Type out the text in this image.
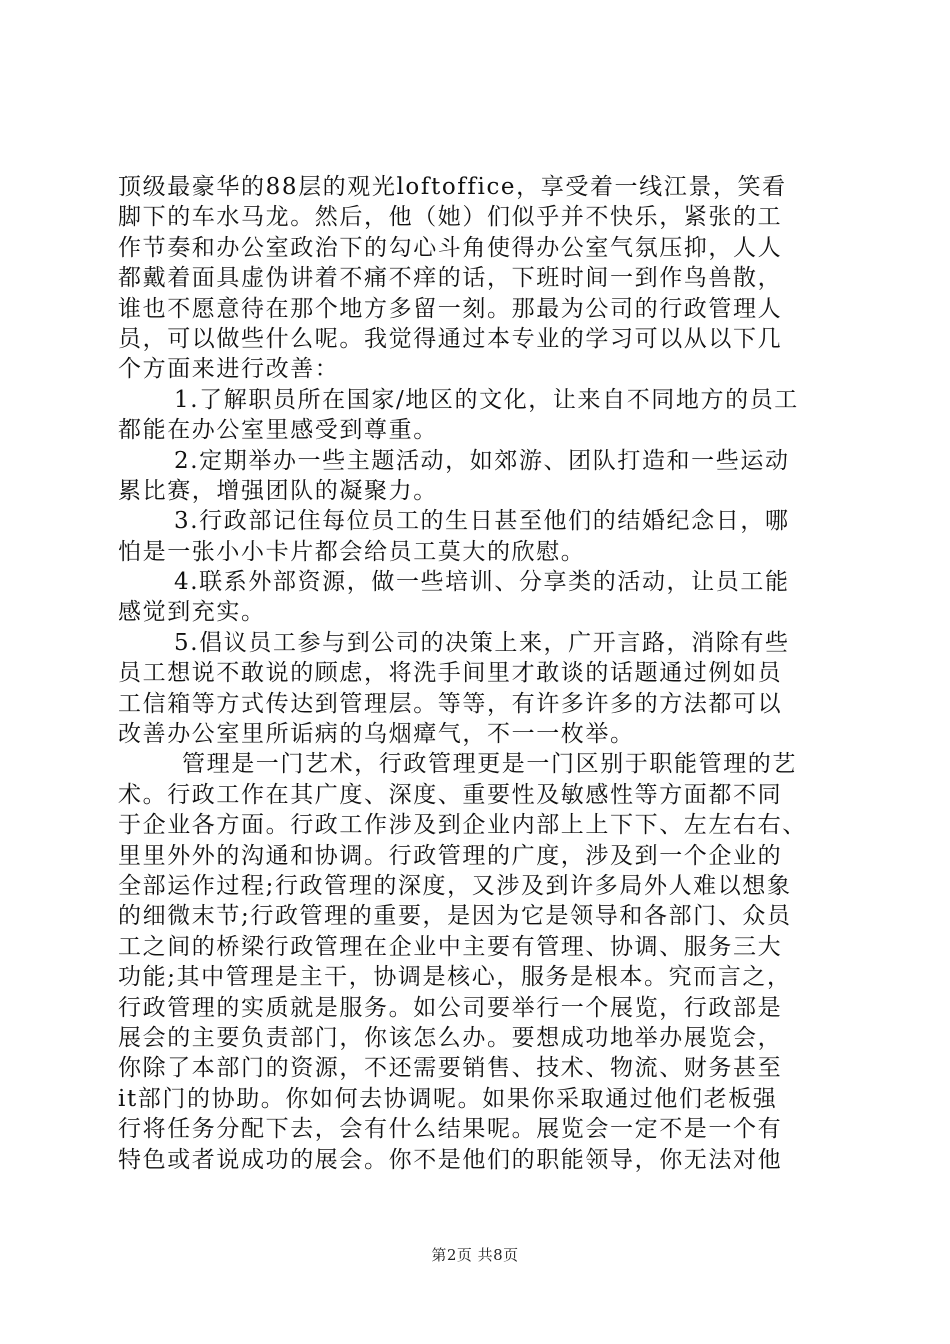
顶级最豪华的88层的观光loftoffice，享受着一线江景，笑看
脚下的车水马龙。然后，他（她）们似乎并不快乐，紧张的工
作节奏和办公室政治下的勾心斗角使得办公室气氛压抑，人人
都戴着面具虚伪讲着不痛不痒的话，下班时间一到作鸟兽散，
谁也不愿意待在那个地方多留一刻。那最为公司的行政管理人
员，可以做些什么呢。我觉得通过本专业的学习可以从以下几
个方面来进行改善：
1.了解职员所在国家/地区的文化，让来自不同地方的员工
都能在办公室里感受到尊重。
2.定期举办一些主题活动，如郊游、团队打造和一些运动
累比赛，增强团队的凝聚力。
3.行政部记住每位员工的生日甚至他们的结婚纪念日，哪
怕是一张小小卡片都会给员工莫大的欣慰。
4.联系外部资源，做一些培训、分享类的活动，让员工能
感觉到充实。
5.倡议员工参与到公司的决策上来，广开言路，消除有些
员工想说不敢说的顾虑，将洗手间里才敢谈的话题通过例如员
工信箱等方式传达到管理层。等等，有许多许多的方法都可以
改善办公室里所诟病的乌烟瘴气，不一一枚举。
管理是一门艺术，行政管理更是一门区别于职能管理的艺
术。行政工作在其广度、深度、重要性及敏感性等方面都不同
于企业各方面。行政工作涉及到企业内部上上下下、左左右右、
里里外外的沟通和协调。行政管理的广度，涉及到一个企业的
全部运作过程;行政管理的深度，又涉及到许多局外人难以想象
的细微末节;行政管理的重要，是因为它是领导和各部门、众员
工之间的桥梁行政管理在企业中主要有管理、协调、服务三大
功能;其中管理是主干，协调是核心，服务是根本。究而言之，
行政管理的实质就是服务。如公司要举行一个展览，行政部是
展会的主要负责部门，你该怎么办。要想成功地举办展览会，
你除了本部门的资源，不还需要销售、技术、物流、财务甚至
it部门的协助。你如何去协调呢。如果你采取通过他们老板强
行将任务分配下去，会有什么结果呢。展览会一定不是一个有
特色或者说成功的展会。你不是他们的职能领导，你无法对他
第2页 共8页
